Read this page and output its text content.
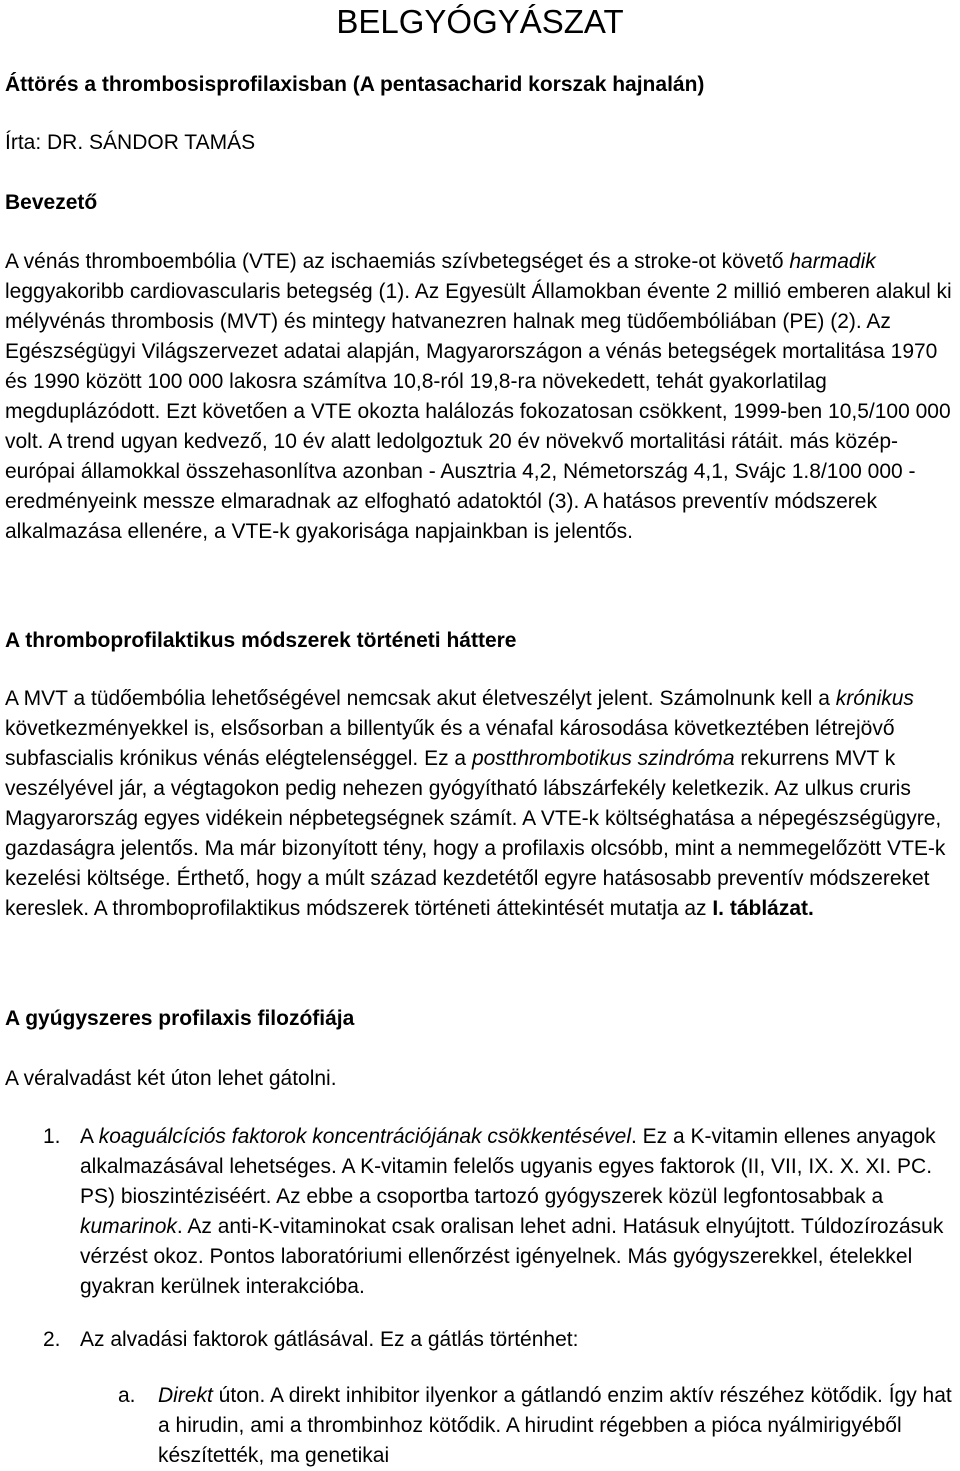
BELGYÓGYÁSZAT
Áttörés a thrombosisprofilaxisban (A pentasacharid korszak hajnalán)
Írta: DR. SÁNDOR TAMÁS
Bevezető

A vénás thromboembólia (VTE) az ischaemiás szívbetegséget és a stroke-ot követő harmadik leggyakoribb cardiovascularis betegség (1). Az Egyesült Államokban évente 2 millió emberen alakul ki mélyvénás thrombosis (MVT) és mintegy hatvanezren halnak meg tüdőembóliában (PE) (2). Az Egészségügyi Világszervezet adatai alapján, Magyarországon a vénás betegségek mortalitása 1970 és 1990 között 100 000 lakosra számítva 10,8-ról 19,8-ra növekedett, tehát gyakorlatilag megduplázódott. Ezt követően a VTE okozta halálozás fokozatosan csökkent, 1999-ben 10,5/100 000 volt. A trend ugyan kedvező, 10 év alatt ledolgoztuk 20 év növekvő mortalitási rátáit. más közép-európai államokkal összehasonlítva azonban - Ausztria 4,2, Németország 4,1, Svájc 1.8/100 000 - eredményeink messze elmaradnak az elfogható adatoktól (3). A hatásos preventív módszerek alkalmazása ellenére, a VTE-k gyakorisága napjainkban is jelentős.

A thromboprofilaktikus módszerek történeti háttere

A MVT a tüdőembólia lehetőségével nemcsak akut életveszélyt jelent. Számolnunk kell a krónikus következményekkel is, elsősorban a billentyűk és a vénafal károsodása következtében létrejövő subfascialis krónikus vénás elégtelenséggel. Ez a postthrombotikus szindróma rekurrens MVT k veszélyével jár, a végtagokon pedig nehezen gyógyítható lábszárfekély keletkezik. Az ulkus cruris Magyarország egyes vidékein népbetegségnek számít. A VTE-k költséghatása a népegészségügyre, gazdaságra jelentős. Ma már bizonyított tény, hogy a profilaxis olcsóbb, mint a nemmegelőzött VTE-k kezelési költsége. Érthető, hogy a múlt század kezdetétől egyre hatásosabb preventív módszereket kereslek. A thromboprofilaktikus módszerek történeti áttekintését mutatja az I. táblázat.

A gyúgyszeres profilaxis filozófiája
A véralvadást két úton lehet gátolni.
1. A koaguálcíciós faktorok koncentrációjának csökkentésével. Ez a K-vitamin ellenes anyagok alkalmazásával lehetséges. A K-vitamin felelős ugyanis egyes faktorok (II, VII, IX. X. XI. PC. PS) bioszintéziséért. Az ebbe a csoportba tartozó gyógyszerek közül legfontosabbak a kumarinok. Az anti-K-vitaminokat csak oralisan lehet adni. Hatásuk elnyújtott. Túldozírozásuk vérzést okoz. Pontos laboratóriumi ellenőrzést igényelnek. Más gyógyszerekkel, ételekkel gyakran kerülnek interakcióba.

2. Az alvadási faktorok gátlásával. Ez a gátlás történhet:

a. Direkt úton. A direkt inhibitor ilyenkor a gátlandó enzim aktív részéhez kötődik. Így hat a hirudin, ami a thrombinhoz kötődik. A hirudint régebben a pióca nyálmirigyéből készítették, ma genetikai
